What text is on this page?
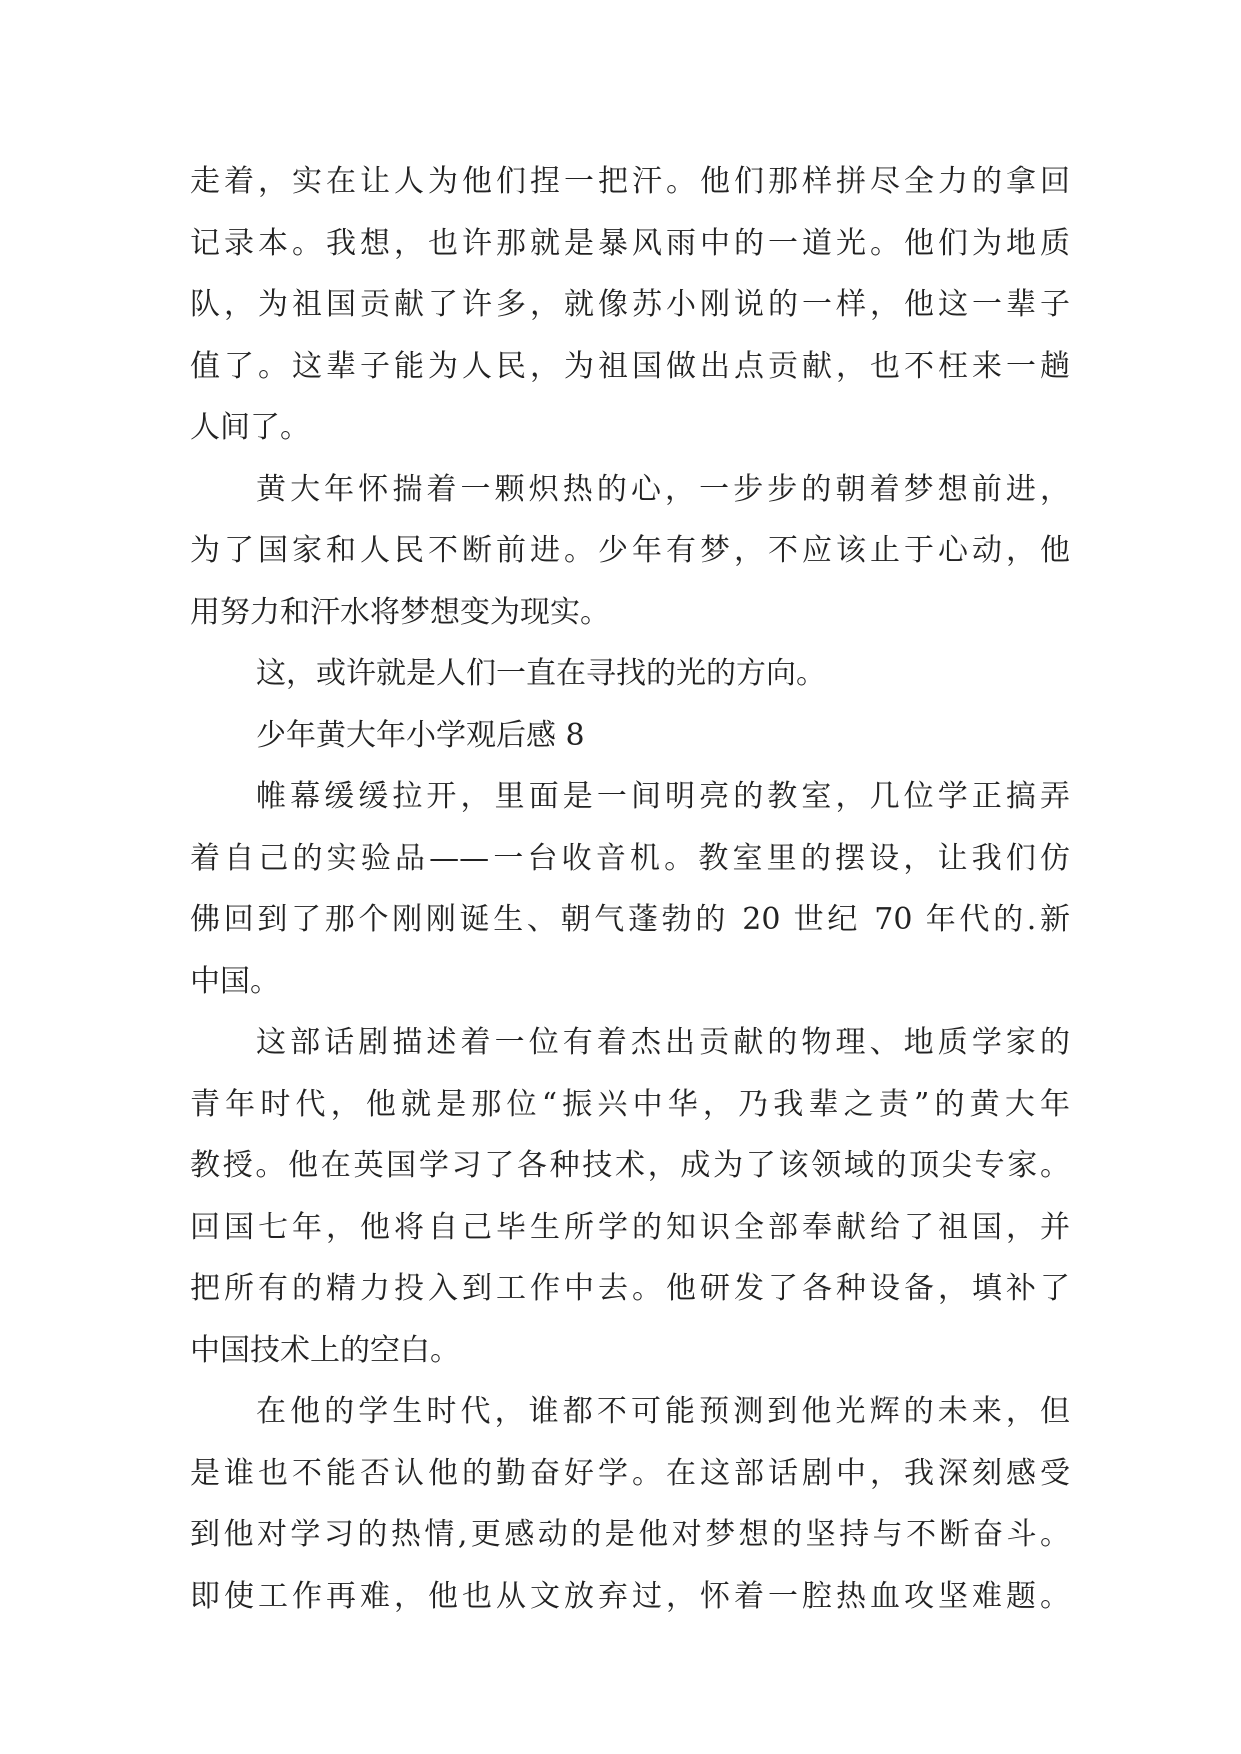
走着，实在让人为他们捏一把汗。他们那样拼尽全力的拿回
记录本。我想，也许那就是暴风雨中的一道光。他们为地质
队，为祖国贡献了许多，就像苏小刚说的一样，他这一辈子
值了。这辈子能为人民，为祖国做出点贡献，也不枉来一趟
人间了。
黄大年怀揣着一颗炽热的心，一步步的朝着梦想前进，
为了国家和人民不断前进。少年有梦，不应该止于心动，他
用努力和汗水将梦想变为现实。
这，或许就是人们一直在寻找的光的方向。
少年黄大年小学观后感 8
帷幕缓缓拉开，里面是一间明亮的教室，几位学正搞弄
着自己的实验品——一台收音机。教室里的摆设，让我们仿
佛回到了那个刚刚诞生、朝气蓬勃的 20 世纪 70 年代的.新
中国。
这部话剧描述着一位有着杰出贡献的物理、地质学家的
青年时代，他就是那位“振兴中华，乃我辈之责”的黄大年
教授。他在英国学习了各种技术，成为了该领域的顶尖专家。
回国七年，他将自己毕生所学的知识全部奉献给了祖国，并
把所有的精力投入到工作中去。他研发了各种设备，填补了
中国技术上的空白。
在他的学生时代，谁都不可能预测到他光辉的未来，但
是谁也不能否认他的勤奋好学。在这部话剧中，我深刻感受
到他对学习的热情,更感动的是他对梦想的坚持与不断奋斗。
即使工作再难，他也从文放弃过，怀着一腔热血攻坚难题。
